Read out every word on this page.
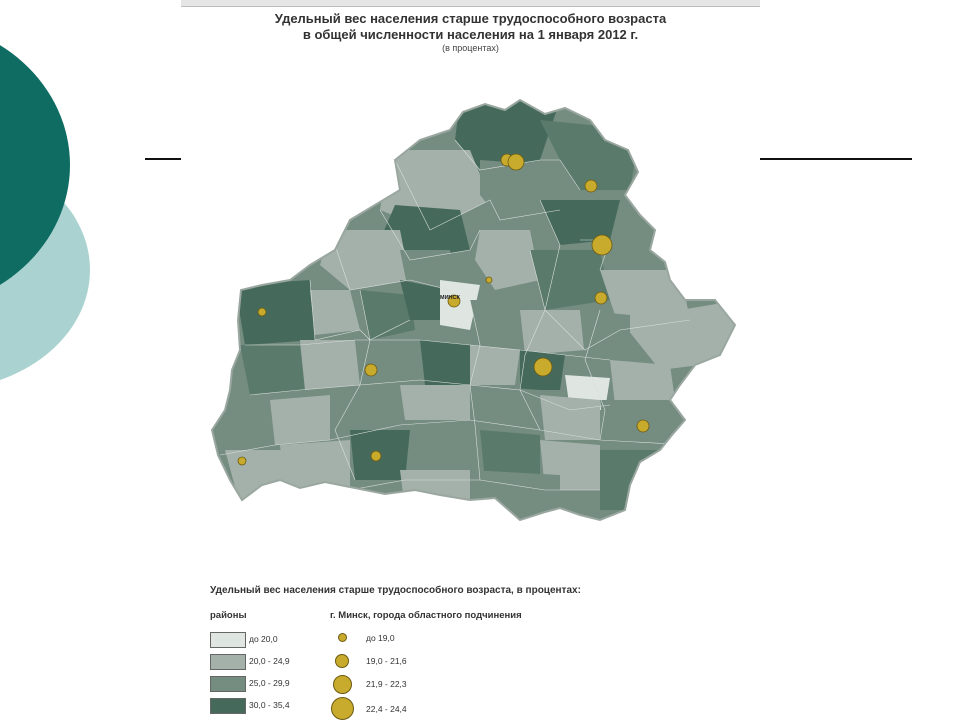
Удельный вес населения старше трудоспособного возраста
в общей численности населения на 1 января 2012 г.
(в процентах)
МИНСК
Удельный вес населения старше трудоспособного возраста, в процентах:
районы	г. Минск, города областного подчинения
до 20,0
20,0 - 24,9
25,0 - 29,9
30,0 - 35,4
до 19,0
19,0 - 21,6
21,9 - 22,3
22,4 - 24,4
